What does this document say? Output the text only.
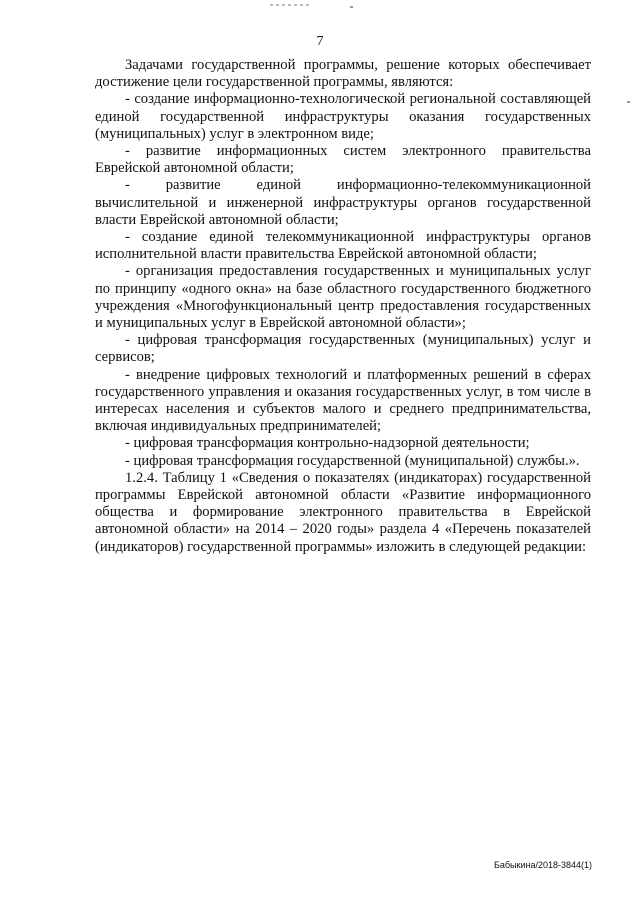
7

Задачами государственной программы, решение которых обеспечивает достижение цели государственной программы, являются:

- создание информационно-технологической региональной составляющей единой государственной инфраструктуры оказания государственных (муниципальных) услуг в электронном виде;

- развитие информационных систем электронного правительства Еврейской автономной области;

- развитие единой информационно-телекоммуникационной вычислительной и инженерной инфраструктуры органов государственной власти Еврейской автономной области;

- создание единой телекоммуникационной инфраструктуры органов исполнительной власти правительства Еврейской автономной области;

- организация предоставления государственных и муниципальных услуг по принципу «одного окна» на базе областного государственного бюджетного учреждения «Многофункциональный центр предоставления государственных и муниципальных услуг в Еврейской автономной области»;

- цифровая трансформация государственных (муниципальных) услуг и сервисов;

- внедрение цифровых технологий и платформенных решений в сферах государственного управления и оказания государственных услуг, в том числе в интересах населения и субъектов малого и среднего предпринимательства, включая индивидуальных предпринимателей;

- цифровая трансформация контрольно-надзорной деятельности;

- цифровая трансформация государственной (муниципальной) службы.».

1.2.4. Таблицу 1 «Сведения о показателях (индикаторах) государственной программы Еврейской автономной области «Развитие информационного общества и формирование электронного правительства в Еврейской автономной области» на 2014 – 2020 годы» раздела 4 «Перечень показателей (индикаторов) государственной программы» изложить в следующей редакции:

Бабыкина/2018-3844(1)
